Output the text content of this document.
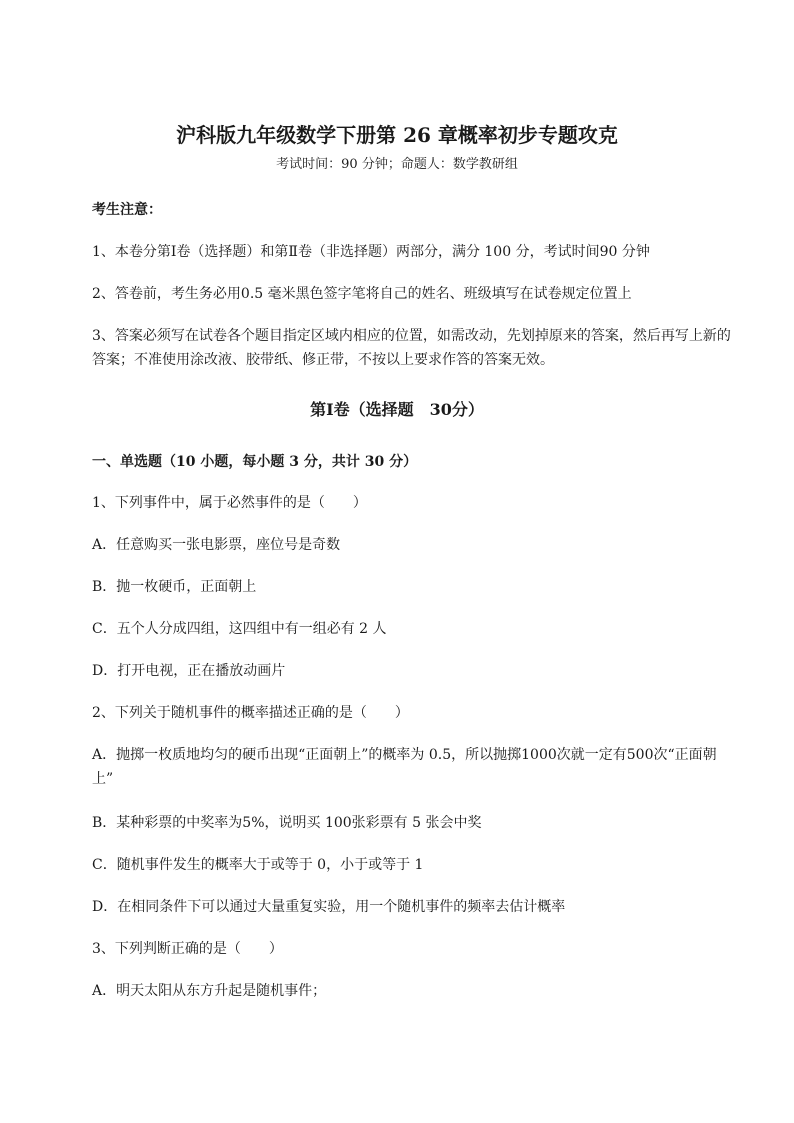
沪科版九年级数学下册第 26 章概率初步专题攻克
考试时间：90 分钟；命题人：数学教研组
考生注意：
1、本卷分第Ⅰ卷（选择题）和第Ⅱ卷（非选择题）两部分，满分 100 分，考试时间90 分钟
2、答卷前，考生务必用0.5 毫米黑色签字笔将自己的姓名、班级填写在试卷规定位置上
3、答案必须写在试卷各个题目指定区域内相应的位置，如需改动，先划掉原来的答案，然后再写上新的答案；不准使用涂改液、胶带纸、修正带，不按以上要求作答的答案无效。
第Ⅰ卷（选择题　30分）
一、单选题（10 小题，每小题 3 分，共计 30 分）
1、下列事件中，属于必然事件的是（　　）
A．任意购买一张电影票，座位号是奇数
B．抛一枚硬币，正面朝上
C．五个人分成四组，这四组中有一组必有 2 人
D．打开电视，正在播放动画片
2、下列关于随机事件的概率描述正确的是（　　）
A．抛掷一枚质地均匀的硬币出现“正面朝上”的概率为 0.5，所以抛掷1000次就一定有500次“正面朝上”
B．某种彩票的中奖率为5%，说明买 100张彩票有 5 张会中奖
C．随机事件发生的概率大于或等于 0，小于或等于 1
D．在相同条件下可以通过大量重复实验，用一个随机事件的频率去估计概率
3、下列判断正确的是（　　）
A．明天太阳从东方升起是随机事件；
